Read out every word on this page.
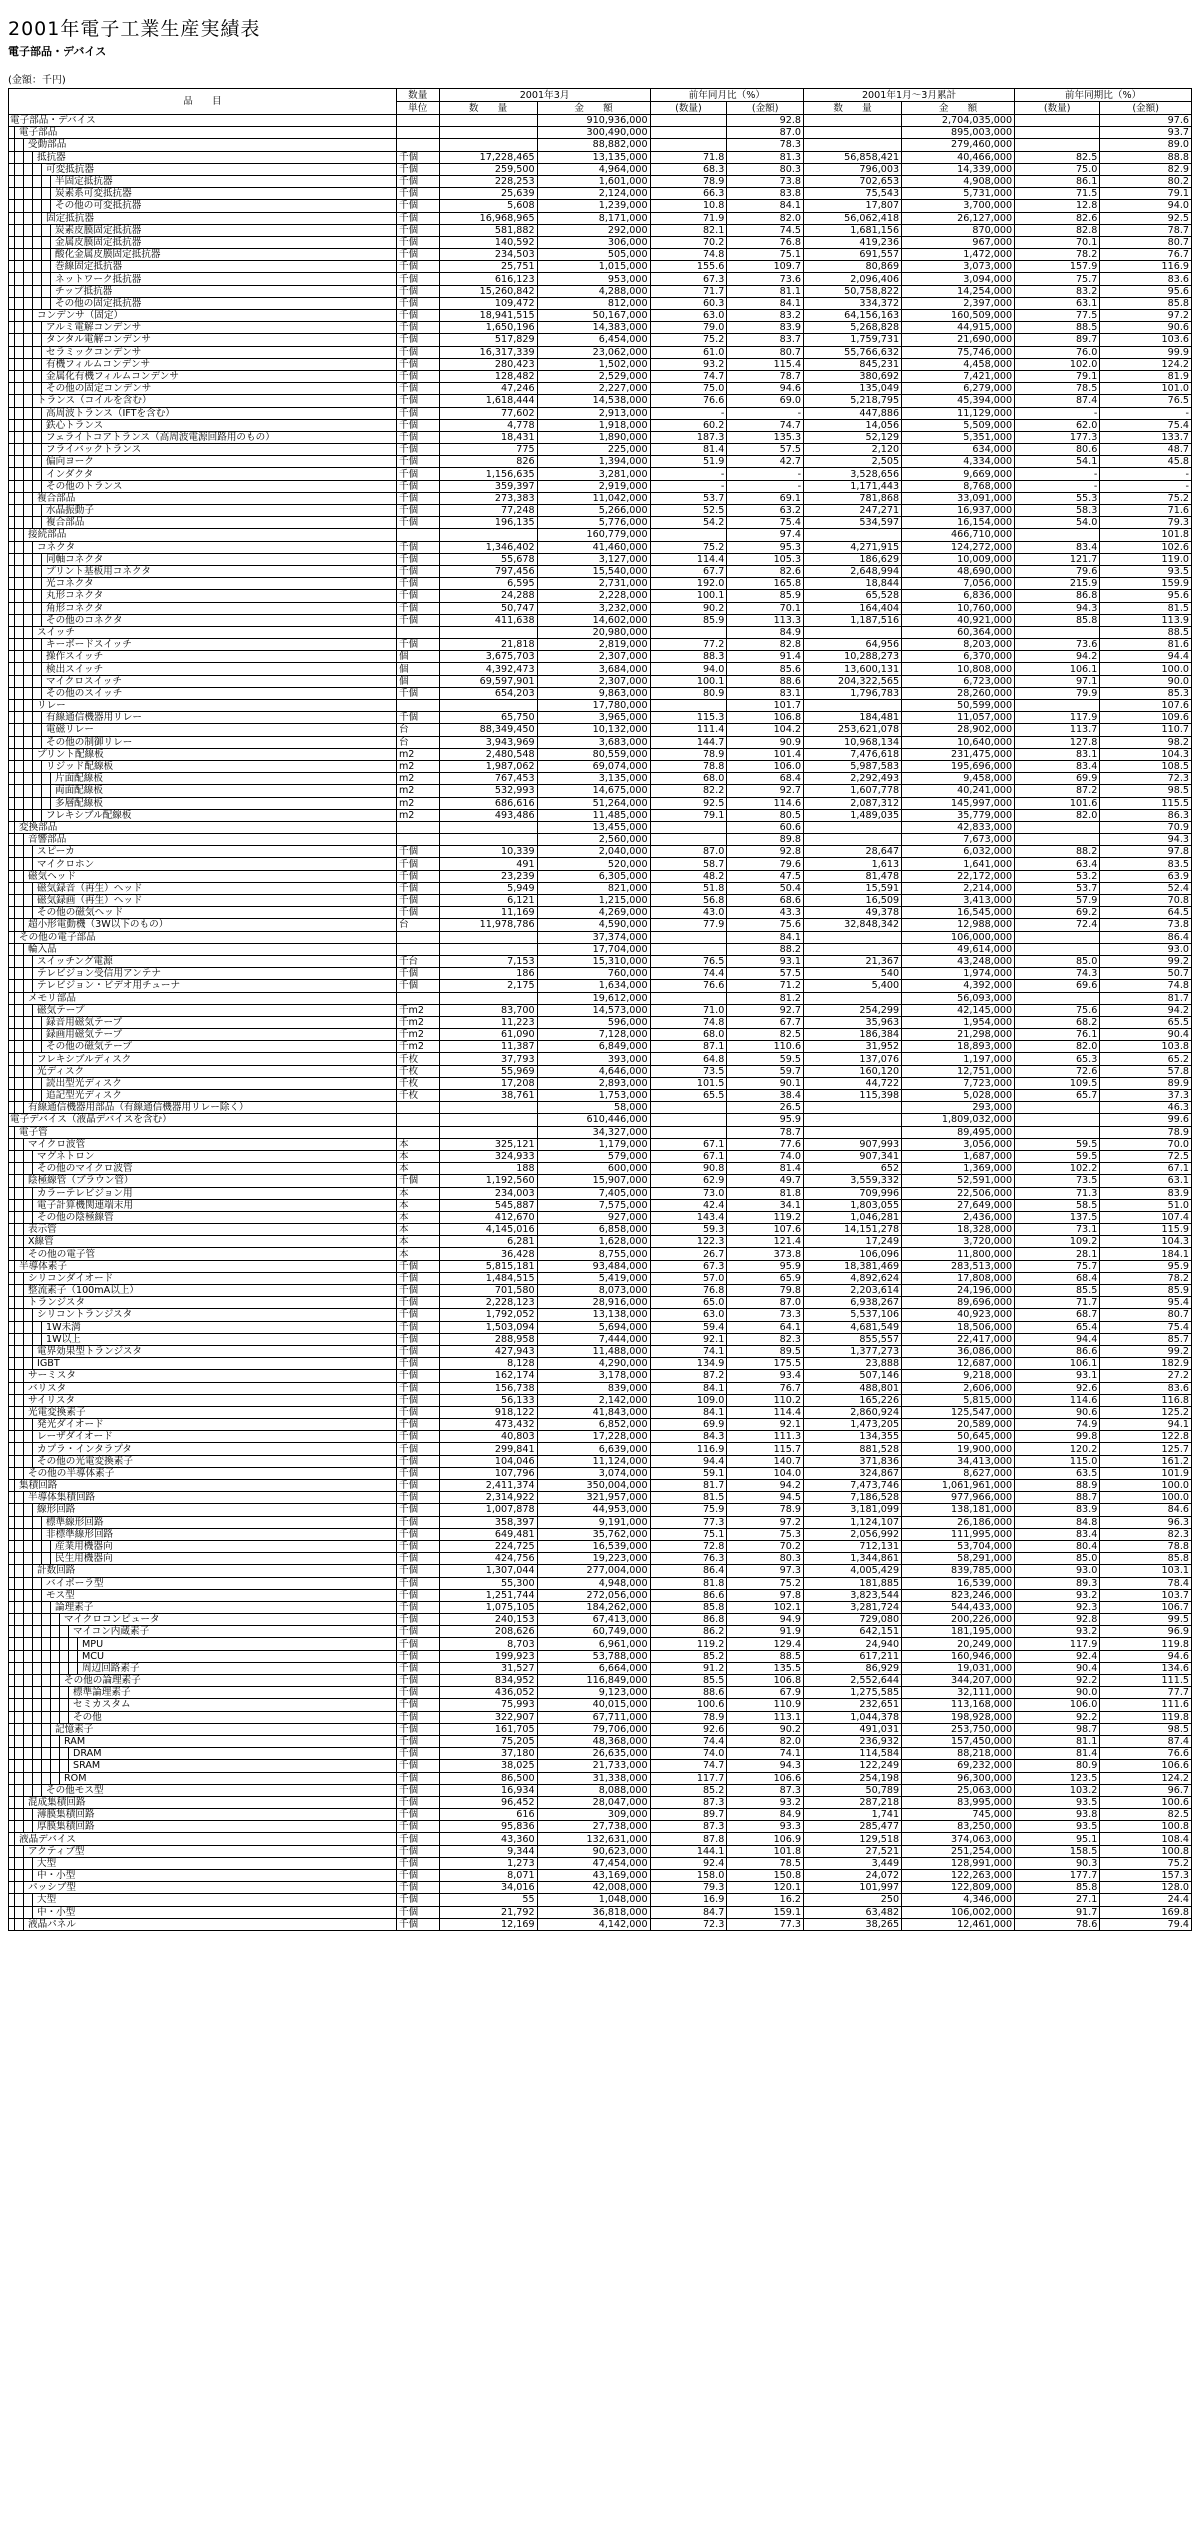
2001年電子工業生産実績表
電子部品・デバイス
(金額：千円)
品　　目	数量	2001年3月		前年同月比（%）		2001年1月～3月累計		前年同期比（%）	
	単位	数　　量	金　　額	(数量)	(金額)	数　　量	金　　額	(数量)	(金額)
電子部品・デバイス			910,936,000		92.8		2,704,035,000		97.6
電子部品			300,490,000		87.0		895,003,000		93.7
受動部品			88,882,000		78.3		279,460,000		89.0
抵抗器	千個	17,228,465	13,135,000	71.8	81.3	56,858,421	40,466,000	82.5	88.8
可変抵抗器	千個	259,500	4,964,000	68.3	80.3	796,003	14,339,000	75.0	82.9
半固定抵抗器	千個	228,253	1,601,000	78.9	73.8	702,653	4,908,000	86.1	80.2
炭素系可変抵抗器	千個	25,639	2,124,000	66.3	83.8	75,543	5,731,000	71.5	79.1
その他の可変抵抗器	千個	5,608	1,239,000	10.8	84.1	17,807	3,700,000	12.8	94.0
固定抵抗器	千個	16,968,965	8,171,000	71.9	82.0	56,062,418	26,127,000	82.6	92.5
炭素皮膜固定抵抗器	千個	581,882	292,000	82.1	74.5	1,681,156	870,000	82.8	78.7
金属皮膜固定抵抗器	千個	140,592	306,000	70.2	76.8	419,236	967,000	70.1	80.7
酸化金属皮膜固定抵抗器	千個	234,503	505,000	74.8	75.1	691,557	1,472,000	78.2	76.7
巻線固定抵抗器	千個	25,751	1,015,000	155.6	109.7	80,869	3,073,000	157.9	116.9
ネットワーク抵抗器	千個	616,123	953,000	67.3	73.6	2,096,406	3,094,000	75.7	83.6
チップ抵抗器	千個	15,260,842	4,288,000	71.7	81.1	50,758,822	14,254,000	83.2	95.6
その他の固定抵抗器	千個	109,472	812,000	60.3	84.1	334,372	2,397,000	63.1	85.8
コンデンサ（固定）	千個	18,941,515	50,167,000	63.0	83.2	64,156,163	160,509,000	77.5	97.2
アルミ電解コンデンサ	千個	1,650,196	14,383,000	79.0	83.9	5,268,828	44,915,000	88.5	90.6
タンタル電解コンデンサ	千個	517,829	6,454,000	75.2	83.7	1,759,731	21,690,000	89.7	103.6
セラミックコンデンサ	千個	16,317,339	23,062,000	61.0	80.7	55,766,632	75,746,000	76.0	99.9
有機フィルムコンデンサ	千個	280,423	1,502,000	93.2	115.4	845,231	4,458,000	102.0	124.2
金属化有機フィルムコンデンサ	千個	128,482	2,529,000	74.7	78.7	380,692	7,421,000	79.1	81.9
その他の固定コンデンサ	千個	47,246	2,227,000	75.0	94.6	135,049	6,279,000	78.5	101.0
トランス（コイルを含む）	千個	1,618,444	14,538,000	76.6	69.0	5,218,795	45,394,000	87.4	76.5
高周波トランス（IFTを含む）	千個	77,602	2,913,000	-	-	447,886	11,129,000	-	-
鉄心トランス	千個	4,778	1,918,000	60.2	74.7	14,056	5,509,000	62.0	75.4
フェライトコアトランス（高周波電源回路用のもの）	千個	18,431	1,890,000	187.3	135.3	52,129	5,351,000	177.3	133.7
フライバックトランス	千個	775	225,000	81.4	57.5	2,120	634,000	80.6	48.7
偏向ヨーク	千個	826	1,394,000	51.9	42.7	2,505	4,334,000	54.1	45.8
インダクタ	千個	1,156,635	3,281,000	-	-	3,528,656	9,669,000	-	-
その他のトランス	千個	359,397	2,919,000	-	-	1,171,443	8,768,000	-	-
複合部品	千個	273,383	11,042,000	53.7	69.1	781,868	33,091,000	55.3	75.2
水晶振動子	千個	77,248	5,266,000	52.5	63.2	247,271	16,937,000	58.3	71.6
複合部品	千個	196,135	5,776,000	54.2	75.4	534,597	16,154,000	54.0	79.3
接続部品			160,779,000		97.4		466,710,000		101.8
コネクタ	千個	1,346,402	41,460,000	75.2	95.3	4,271,915	124,272,000	83.4	102.6
同軸コネクタ	千個	55,678	3,127,000	114.4	105.3	186,629	10,009,000	121.7	119.0
プリント基板用コネクタ	千個	797,456	15,540,000	67.7	82.6	2,648,994	48,690,000	79.6	93.5
光コネクタ	千個	6,595	2,731,000	192.0	165.8	18,844	7,056,000	215.9	159.9
丸形コネクタ	千個	24,288	2,228,000	100.1	85.9	65,528	6,836,000	86.8	95.6
角形コネクタ	千個	50,747	3,232,000	90.2	70.1	164,404	10,760,000	94.3	81.5
その他のコネクタ	千個	411,638	14,602,000	85.9	113.3	1,187,516	40,921,000	85.8	113.9
スイッチ			20,980,000		84.9		60,364,000		88.5
キーボードスイッチ	千個	21,818	2,819,000	77.2	82.8	64,956	8,203,000	73.6	81.6
操作スイッチ	個	3,675,703	2,307,000	88.3	91.4	10,288,273	6,370,000	94.2	94.4
検出スイッチ	個	4,392,473	3,684,000	94.0	85.6	13,600,131	10,808,000	106.1	100.0
マイクロスイッチ	個	69,597,901	2,307,000	100.1	88.6	204,322,565	6,723,000	97.1	90.0
その他のスイッチ	千個	654,203	9,863,000	80.9	83.1	1,796,783	28,260,000	79.9	85.3
リレー			17,780,000		101.7		50,599,000		107.6
有線通信機器用リレー	千個	65,750	3,965,000	115.3	106.8	184,481	11,057,000	117.9	109.6
電磁リレー	台	88,349,450	10,132,000	111.4	104.2	253,621,078	28,902,000	113.7	110.7
その他の制御リレー	台	3,943,969	3,683,000	144.7	90.9	10,968,134	10,640,000	127.8	98.2
プリント配線板	m2	2,480,548	80,559,000	78.9	101.4	7,476,618	231,475,000	83.1	104.3
リジッド配線板	m2	1,987,062	69,074,000	78.8	106.0	5,987,583	195,696,000	83.4	108.5
片面配線板	m2	767,453	3,135,000	68.0	68.4	2,292,493	9,458,000	69.9	72.3
両面配線板	m2	532,993	14,675,000	82.2	92.7	1,607,778	40,241,000	87.2	98.5
多層配線板	m2	686,616	51,264,000	92.5	114.6	2,087,312	145,997,000	101.6	115.5
フレキシブル配線板	m2	493,486	11,485,000	79.1	80.5	1,489,035	35,779,000	82.0	86.3
変換部品			13,455,000		60.6		42,833,000		70.9
音響部品			2,560,000		89.8		7,673,000		94.3
スピーカ	千個	10,339	2,040,000	87.0	92.8	28,647	6,032,000	88.2	97.8
マイクロホン	千個	491	520,000	58.7	79.6	1,613	1,641,000	63.4	83.5
磁気ヘッド	千個	23,239	6,305,000	48.2	47.5	81,478	22,172,000	53.2	63.9
磁気録音（再生）ヘッド	千個	5,949	821,000	51.8	50.4	15,591	2,214,000	53.7	52.4
磁気録画（再生）ヘッド	千個	6,121	1,215,000	56.8	68.6	16,509	3,413,000	57.9	70.8
その他の磁気ヘッド	千個	11,169	4,269,000	43.0	43.3	49,378	16,545,000	69.2	64.5
超小形電動機（3W以下のもの）	台	11,978,786	4,590,000	77.9	75.6	32,848,342	12,988,000	72.4	73.8
その他の電子部品			37,374,000		84.1		106,000,000		86.4
輪入品			17,704,000		88.2		49,614,000		93.0
スイッチング電源	千台	7,153	15,310,000	76.5	93.1	21,367	43,248,000	85.0	99.2
テレビジョン受信用アンテナ	千個	186	760,000	74.4	57.5	540	1,974,000	74.3	50.7
テレビジョン・ビデオ用チューナ	千個	2,175	1,634,000	76.6	71.2	5,400	4,392,000	69.6	74.8
メモリ部品			19,612,000		81.2		56,093,000		81.7
磁気テープ	千m2	83,700	14,573,000	71.0	92.7	254,299	42,145,000	75.6	94.2
録音用磁気テープ	千m2	11,223	596,000	74.8	67.7	35,963	1,954,000	68.2	65.5
録画用磁気テープ	千m2	61,090	7,128,000	68.0	82.5	186,384	21,298,000	76.1	90.4
その他の磁気テープ	千m2	11,387	6,849,000	87.1	110.6	31,952	18,893,000	82.0	103.8
フレキシブルディスク	千枚	37,793	393,000	64.8	59.5	137,076	1,197,000	65.3	65.2
光ディスク	千枚	55,969	4,646,000	73.5	59.7	160,120	12,751,000	72.6	57.8
読出型光ディスク	千枚	17,208	2,893,000	101.5	90.1	44,722	7,723,000	109.5	89.9
追記型光ディスク	千枚	38,761	1,753,000	65.5	38.4	115,398	5,028,000	65.7	37.3
有線通信機器用部品（有線通信機器用リレー除く）			58,000		26.5		293,000		46.3
電子デバイス（液晶デバイスを含む）			610,446,000		95.9		1,809,032,000		99.6
電子管			34,327,000		78.7		89,495,000		78.9
マイクロ波管	本	325,121	1,179,000	67.1	77.6	907,993	3,056,000	59.5	70.0
マグネトロン	本	324,933	579,000	67.1	74.0	907,341	1,687,000	59.5	72.5
その他のマイクロ波管	本	188	600,000	90.8	81.4	652	1,369,000	102.2	67.1
陰極線管（ブラウン管）	千個	1,192,560	15,907,000	62.9	49.7	3,559,332	52,591,000	73.5	63.1
カラーテレビジョン用	本	234,003	7,405,000	73.0	81.8	709,996	22,506,000	71.3	83.9
電子計算機関連端末用	本	545,887	7,575,000	42.4	34.1	1,803,055	27,649,000	58.5	51.0
その他の陰極線管	本	412,670	927,000	143.4	119.2	1,046,281	2,436,000	137.5	107.4
表示管	本	4,145,016	6,858,000	59.3	107.6	14,151,278	18,328,000	73.1	115.9
X線管	本	6,281	1,628,000	122.3	121.4	17,249	3,720,000	109.2	104.3
その他の電子管	本	36,428	8,755,000	26.7	373.8	106,096	11,800,000	28.1	184.1
半導体素子	千個	5,815,181	93,484,000	67.3	95.9	18,381,469	283,513,000	75.7	95.9
シリコンダイオード	千個	1,484,515	5,419,000	57.0	65.9	4,892,624	17,808,000	68.4	78.2
整流素子（100mA以上）	千個	701,580	8,073,000	76.8	79.8	2,203,614	24,196,000	85.5	85.9
トランジスタ	千個	2,228,123	28,916,000	65.0	87.0	6,938,267	89,696,000	71.7	95.4
シリコントランジスタ	千個	1,792,052	13,138,000	63.0	73.3	5,537,106	40,923,000	68.7	80.7
1W未満	千個	1,503,094	5,694,000	59.4	64.1	4,681,549	18,506,000	65.4	75.4
1W以上	千個	288,958	7,444,000	92.1	82.3	855,557	22,417,000	94.4	85.7
電界効果型トランジスタ	千個	427,943	11,488,000	74.1	89.5	1,377,273	36,086,000	86.6	99.2
IGBT	千個	8,128	4,290,000	134.9	175.5	23,888	12,687,000	106.1	182.9
サーミスタ	千個	162,174	3,178,000	87.2	93.4	507,146	9,218,000	93.1	27.2
バリスタ	千個	156,738	839,000	84.1	76.7	488,801	2,606,000	92.6	83.6
サイリスタ	千個	56,133	2,142,000	109.0	110.2	165,226	5,815,000	114.6	116.8
光電変換素子	千個	918,122	41,843,000	84.1	114.4	2,860,924	125,547,000	90.6	125.2
発光ダイオード	千個	473,432	6,852,000	69.9	92.1	1,473,205	20,589,000	74.9	94.1
レーザダイオード	千個	40,803	17,228,000	84.3	111.3	134,355	50,645,000	99.8	122.8
カプラ・インタラプタ	千個	299,841	6,639,000	116.9	115.7	881,528	19,900,000	120.2	125.7
その他の光電変換素子	千個	104,046	11,124,000	94.4	140.7	371,836	34,413,000	115.0	161.2
その他の半導体素子	千個	107,796	3,074,000	59.1	104.0	324,867	8,627,000	63.5	101.9
集積回路	千個	2,411,374	350,004,000	81.7	94.2	7,473,746	1,061,961,000	88.9	100.0
半導体集積回路	千個	2,314,922	321,957,000	81.5	94.5	7,186,528	977,966,000	88.7	100.0
線形回路	千個	1,007,878	44,953,000	75.9	78.9	3,181,099	138,181,000	83.9	84.6
標準線形回路	千個	358,397	9,191,000	77.3	97.2	1,124,107	26,186,000	84.8	96.3
非標準線形回路	千個	649,481	35,762,000	75.1	75.3	2,056,992	111,995,000	83.4	82.3
産業用機器向	千個	224,725	16,539,000	72.8	70.2	712,131	53,704,000	80.4	78.8
民生用機器向	千個	424,756	19,223,000	76.3	80.3	1,344,861	58,291,000	85.0	85.8
計数回路	千個	1,307,044	277,004,000	86.4	97.3	4,005,429	839,785,000	93.0	103.1
バイポーラ型	千個	55,300	4,948,000	81.8	75.2	181,885	16,539,000	89.3	78.4
モス型	千個	1,251,744	272,056,000	86.6	97.8	3,823,544	823,246,000	93.2	103.7
論理素子	千個	1,075,105	184,262,000	85.8	102.1	3,281,724	544,433,000	92.3	106.7
マイクロコンピュータ	千個	240,153	67,413,000	86.8	94.9	729,080	200,226,000	92.8	99.5
マイコン内蔵素子	千個	208,626	60,749,000	86.2	91.9	642,151	181,195,000	93.2	96.9
MPU	千個	8,703	6,961,000	119.2	129.4	24,940	20,249,000	117.9	119.8
MCU	千個	199,923	53,788,000	85.2	88.5	617,211	160,946,000	92.4	94.6
周辺回路素子	千個	31,527	6,664,000	91.2	135.5	86,929	19,031,000	90.4	134.6
その他の論理素子	千個	834,952	116,849,000	85.5	106.8	2,552,644	344,207,000	92.2	111.5
標準論理素子	千個	436,052	9,123,000	88.6	67.9	1,275,585	32,111,000	90.0	77.7
セミカスタム	千個	75,993	40,015,000	100.6	110.9	232,651	113,168,000	106.0	111.6
その他	千個	322,907	67,711,000	78.9	113.1	1,044,378	198,928,000	92.2	119.8
記憶素子	千個	161,705	79,706,000	92.6	90.2	491,031	253,750,000	98.7	98.5
RAM	千個	75,205	48,368,000	74.4	82.0	236,932	157,450,000	81.1	87.4
DRAM	千個	37,180	26,635,000	74.0	74.1	114,584	88,218,000	81.4	76.6
SRAM	千個	38,025	21,733,000	74.7	94.3	122,249	69,232,000	80.9	106.6
ROM	千個	86,500	31,338,000	117.7	106.6	254,198	96,300,000	123.5	124.2
その他モス型	千個	16,934	8,088,000	85.2	87.3	50,789	25,063,000	103.2	96.7
混成集積回路	千個	96,452	28,047,000	87.3	93.2	287,218	83,995,000	93.5	100.6
薄膜集積回路	千個	616	309,000	89.7	84.9	1,741	745,000	93.8	82.5
厚膜集積回路	千個	95,836	27,738,000	87.3	93.3	285,477	83,250,000	93.5	100.8
液晶デバイス	千個	43,360	132,631,000	87.8	106.9	129,518	374,063,000	95.1	108.4
アクティブ型	千個	9,344	90,623,000	144.1	101.8	27,521	251,254,000	158.5	100.8
大型	千個	1,273	47,454,000	92.4	78.5	3,449	128,991,000	90.3	75.2
中・小型	千個	8,071	43,169,000	158.0	150.8	24,072	122,263,000	177.7	157.3
パッシブ型	千個	34,016	42,008,000	79.3	120.1	101,997	122,809,000	85.8	128.0
大型	千個	55	1,048,000	16.9	16.2	250	4,346,000	27.1	24.4
中・小型	千個	21,792	36,818,000	84.7	159.1	63,482	106,002,000	91.7	169.8
液晶パネル	千個	12,169	4,142,000	72.3	77.3	38,265	12,461,000	78.6	79.4
